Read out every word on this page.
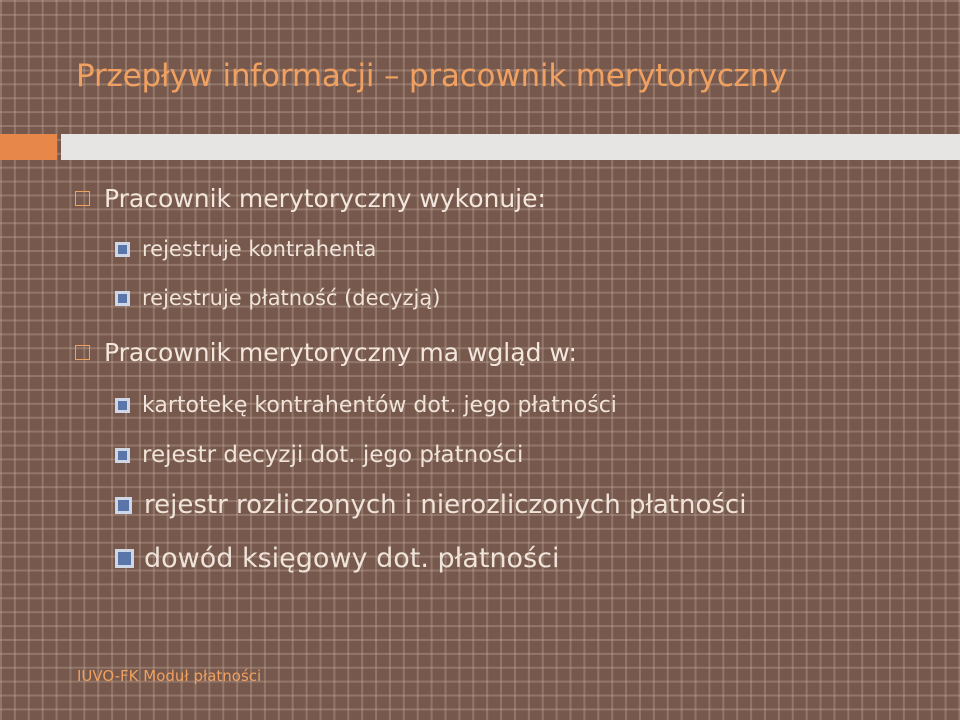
Przepływ informacji – pracownik merytoryczny
Pracownik merytoryczny wykonuje:
rejestruje kontrahenta
rejestruje płatność (decyzją)
Pracownik merytoryczny ma wgląd w:
kartotekę kontrahentów dot. jego płatności
rejestr decyzji dot. jego płatności
rejestr rozliczonych i nierozliczonych płatności
dowód księgowy dot. płatności
IUVO-FK Moduł płatności
